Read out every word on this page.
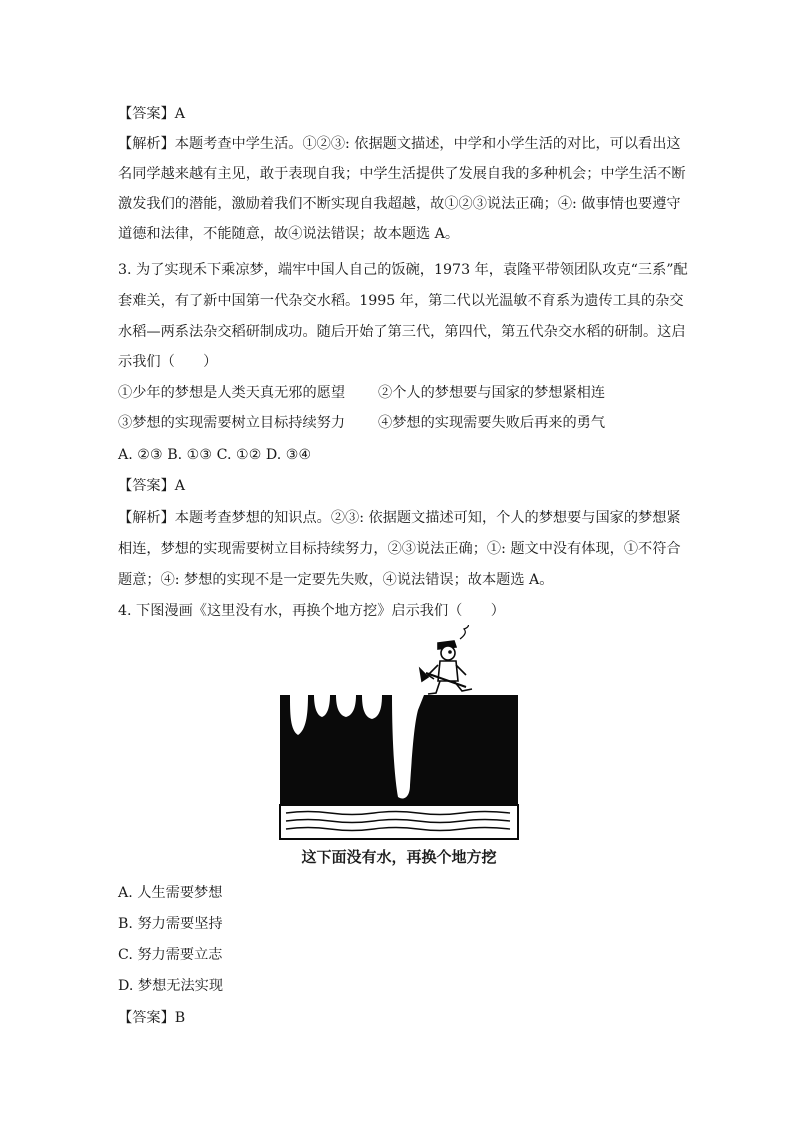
【答案】A
【解析】本题考查中学生活。①②③: 依据题文描述，中学和小学生活的对比，可以看出这
名同学越来越有主见，敢于表现自我；中学生活提供了发展自我的多种机会；中学生活不断
激发我们的潜能，激励着我们不断实现自我超越，故①②③说法正确；④: 做事情也要遵守
道德和法律，不能随意，故④说法错误；故本题选 A。
3. 为了实现禾下乘凉梦，端牢中国人自己的饭碗，1973 年，袁隆平带领团队攻克“三系”配
套难关，有了新中国第一代杂交水稻。1995 年，第二代以光温敏不育系为遗传工具的杂交
水稻—两系法杂交稻研制成功。随后开始了第三代，第四代，第五代杂交水稻的研制。这启
示我们（　　）
①少年的梦想是人类天真无邪的愿望 ②个人的梦想要与国家的梦想紧相连
③梦想的实现需要树立目标持续努力 ④梦想的实现需要失败后再来的勇气
A. ②③ B. ①③ C. ①② D. ③④
【答案】A
【解析】本题考查梦想的知识点。②③: 依据题文描述可知，个人的梦想要与国家的梦想紧
相连，梦想的实现需要树立目标持续努力，②③说法正确；①: 题文中没有体现，①不符合
题意；④: 梦想的实现不是一定要先失败，④说法错误；故本题选 A。
4. 下图漫画《这里没有水，再换个地方挖》启示我们（　　）
这下面没有水，再换个地方挖
A. 人生需要梦想
B. 努力需要坚持
C. 努力需要立志
D. 梦想无法实现
【答案】B
